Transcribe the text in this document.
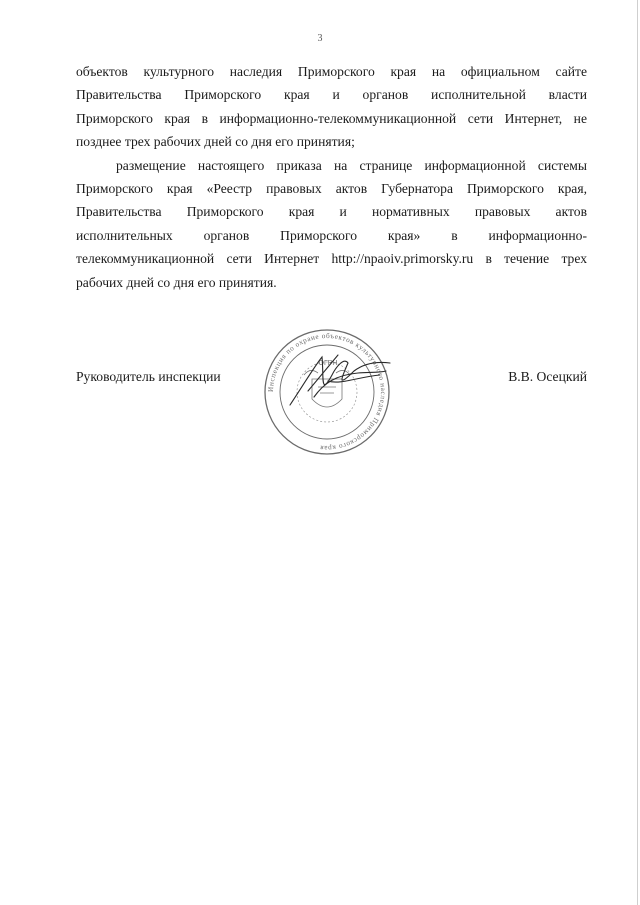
3
объектов культурного наследия Приморского края на официальном сайте
Правительства Приморского края и органов исполнительной власти
Приморского края в информационно-телекоммуникационной сети Интернет, не
позднее трех рабочих дней со дня его принятия;
размещение настоящего приказа на странице информационной системы
Приморского края «Реестр правовых актов Губернатора Приморского края,
Правительства Приморского края и нормативных правовых актов
исполнительных органов Приморского края» в информационно-
телекоммуникационной сети Интернет http://npaoiv.primorsky.ru в течение трех
рабочих дней со дня его принятия.
Руководитель инспекции	В.В. Осецкий
Инспекция по охране объектов культурного наследия Приморского края
ОГРН
